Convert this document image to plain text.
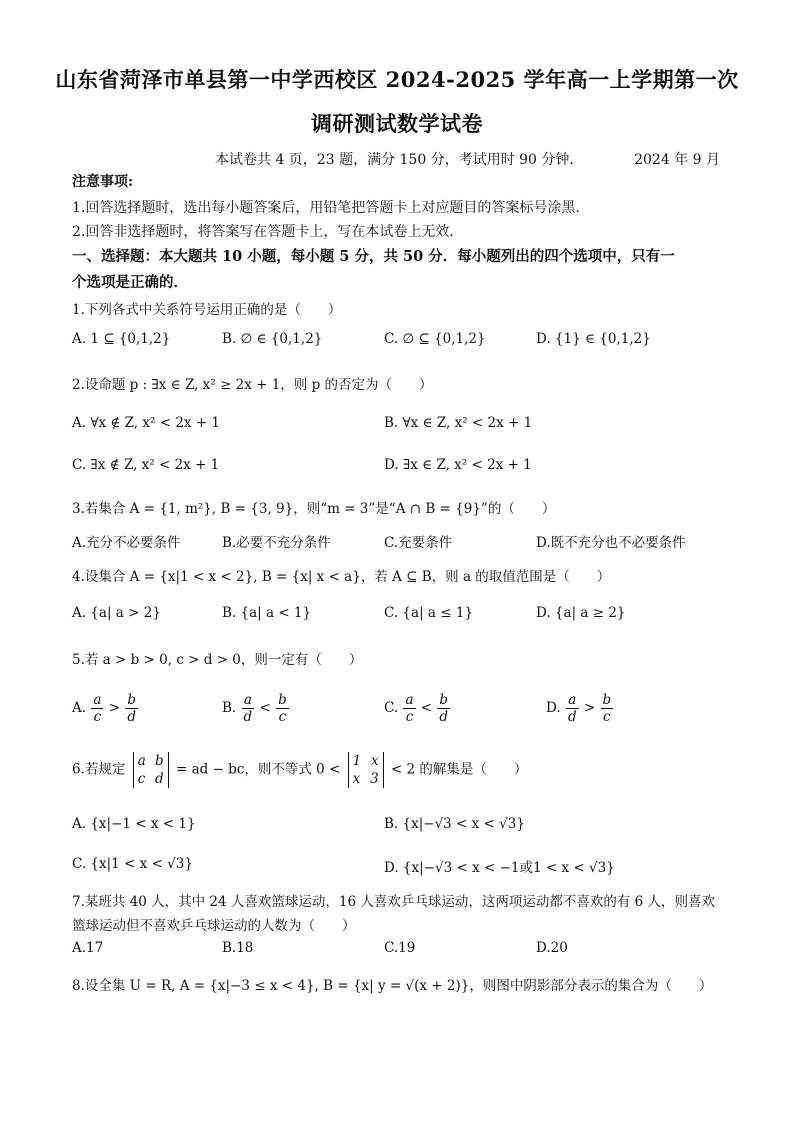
山东省菏泽市单县第一中学西校区 2024-2025 学年高一上学期第一次
调研测试数学试卷
本试卷共 4 页，23 题，满分 150 分，考试用时 90 分钟．	2024 年 9 月
注意事项:
1.回答选择题时，选出每小题答案后，用铅笔把答题卡上对应题目的答案标号涂黑．
2.回答非选择题时，将答案写在答题卡上，写在本试卷上无效．
一、选择题：本大题共 10 小题，每小题 5 分，共 50 分．每小题列出的四个选项中，只有一
个选项是正确的．
1.下列各式中关系符号运用正确的是（　　）
A. 1 ⊆ {0,1,2}	B. ∅ ∈ {0,1,2}	C. ∅ ⊆ {0,1,2}	D. {1} ∈ {0,1,2}
2.设命题 p : ∃x ∈ Z, x² ≥ 2x + 1，则 p 的否定为（　　）
A. ∀x ∉ Z, x² < 2x + 1	B. ∀x ∈ Z, x² < 2x + 1
C. ∃x ∉ Z, x² < 2x + 1	D. ∃x ∈ Z, x² < 2x + 1
3.若集合 A = {1, m²}, B = {3, 9}，则“m = 3”是“A ∩ B = {9}”的（　　）
A.充分不必要条件	B.必要不充分条件	C.充要条件	D.既不充分也不必要条件
4.设集合 A = {x|1 < x < 2}, B = {x| x < a}，若 A ⊆ B，则 a 的取值范围是（　　）
A. {a| a > 2}	B. {a| a < 1}	C. {a| a ≤ 1}	D. {a| a ≥ 2}
5.若 a > b > 0, c > d > 0，则一定有（　　）
A. $\frac{a}{c} > \frac{b}{d}$	B. $\frac{a}{d} < \frac{b}{c}$	C. $\frac{a}{c} < \frac{b}{d}$	D. $\frac{a}{d} > \frac{b}{c}$
6.若规定
a b
c d
= ad − bc，则不等式 0 <
1 x
x 3
< 2 的解集是（　　）
A. {x|−1 < x < 1}	B. {x|−√3 < x < √3}
C. {x|1 < x < √3}	D. {x|−√3 < x < −1或1 < x < √3}
7.某班共 40 人，其中 24 人喜欢篮球运动，16 人喜欢乒乓球运动，这两项运动都不喜欢的有 6 人，则喜欢
篮球运动但不喜欢乒乓球运动的人数为（　　）
A.17	B.18	C.19	D.20
8.设全集 U = R, A = {x|−3 ≤ x < 4}, B = {x| y = √(x + 2)}，则图中阴影部分表示的集合为（　　）
